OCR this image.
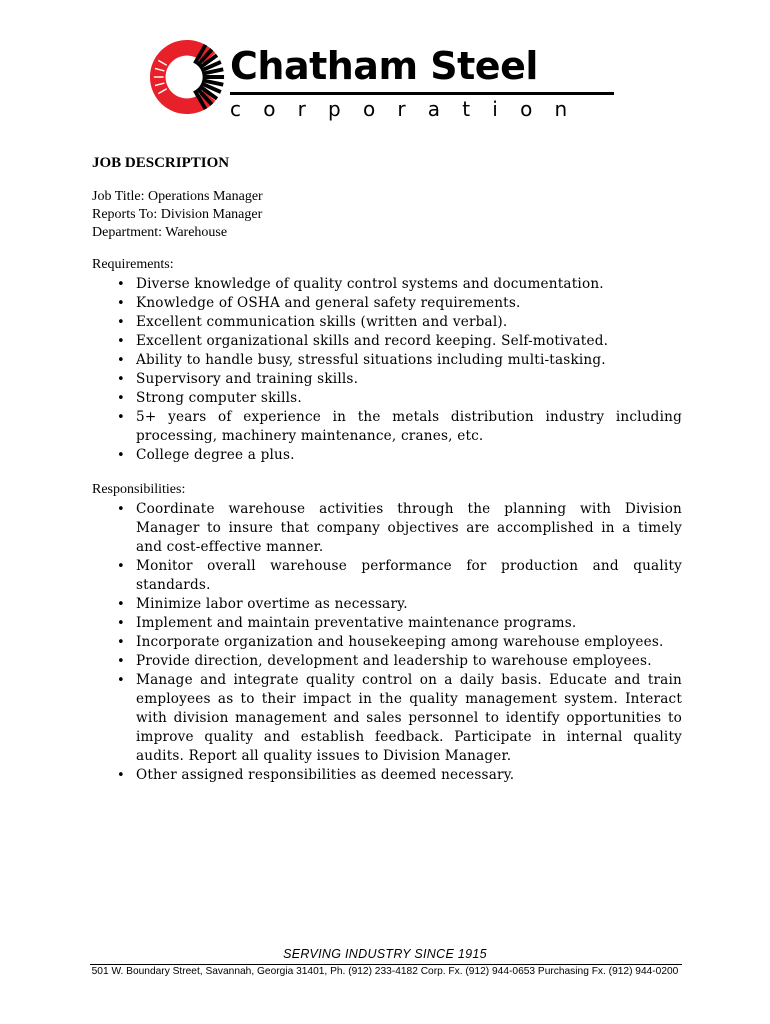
Chatham Steel
corporation

JOB DESCRIPTION

Job Title: Operations Manager

Reports To: Division Manager

Department: Warehouse

Requirements:

• Diverse knowledge of quality control systems and documentation.
• Knowledge of OSHA and general safety requirements.
• Excellent communication skills (written and verbal).
• Excellent organizational skills and record keeping. Self-motivated.
• Ability to handle busy, stressful situations including multi-tasking.
• Supervisory and training skills.
• Strong computer skills.
• 5+ years of experience in the metals distribution industry including processing, machinery maintenance, cranes, etc.
• College degree a plus.

Responsibilities:

• Coordinate warehouse activities through the planning with Division Manager to insure that company objectives are accomplished in a timely and cost-effective manner.
• Monitor overall warehouse performance for production and quality standards.
• Minimize labor overtime as necessary.
• Implement and maintain preventative maintenance programs.
• Incorporate organization and housekeeping among warehouse employees.
• Provide direction, development and leadership to warehouse employees.
• Manage and integrate quality control on a daily basis. Educate and train employees as to their impact in the quality management system. Interact with division management and sales personnel to identify opportunities to improve quality and establish feedback. Participate in internal quality audits. Report all quality issues to Division Manager.
• Other assigned responsibilities as deemed necessary.
SERVING INDUSTRY SINCE 1915
501 W. Boundary Street, Savannah, Georgia 31401, Ph. (912) 233-4182 Corp. Fx. (912) 944-0653 Purchasing Fx. (912) 944-0200
